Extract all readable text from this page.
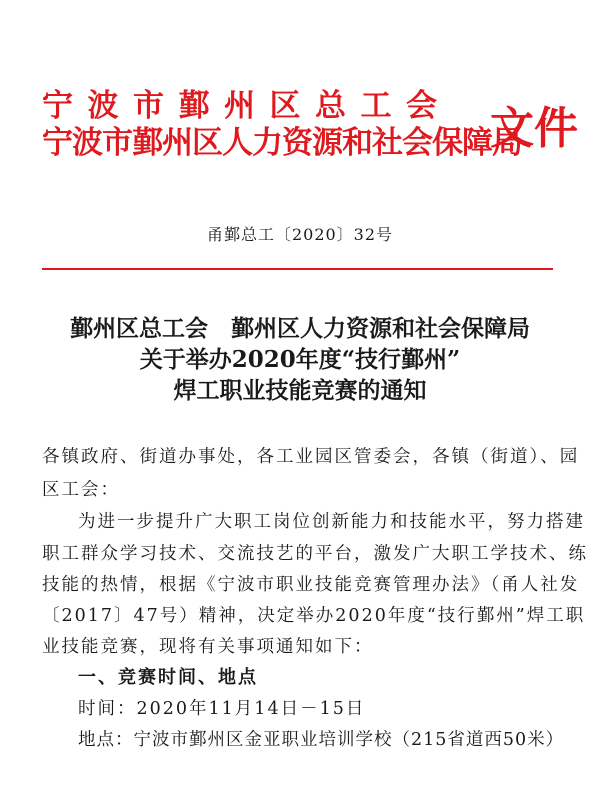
宁波市鄞州区总工会
宁波市鄞州区人力资源和社会保障局
文件
甬鄞总工〔2020〕32号
鄞州区总工会　鄞州区人力资源和社会保障局
关于举办2020年度“技行鄞州”
焊工职业技能竞赛的通知
各镇政府、街道办事处，各工业园区管委会，各镇（街道）、园
区工会：
为进一步提升广大职工岗位创新能力和技能水平，努力搭建
职工群众学习技术、交流技艺的平台，激发广大职工学技术、练
技能的热情，根据《宁波市职业技能竞赛管理办法》（甬人社发
〔2017〕47号）精神，决定举办2020年度“技行鄞州”焊工职
业技能竞赛，现将有关事项通知如下：
一、竞赛时间、地点
时间：2020年11月14日－15日
地点：宁波市鄞州区金亚职业培训学校（215省道西50米）
